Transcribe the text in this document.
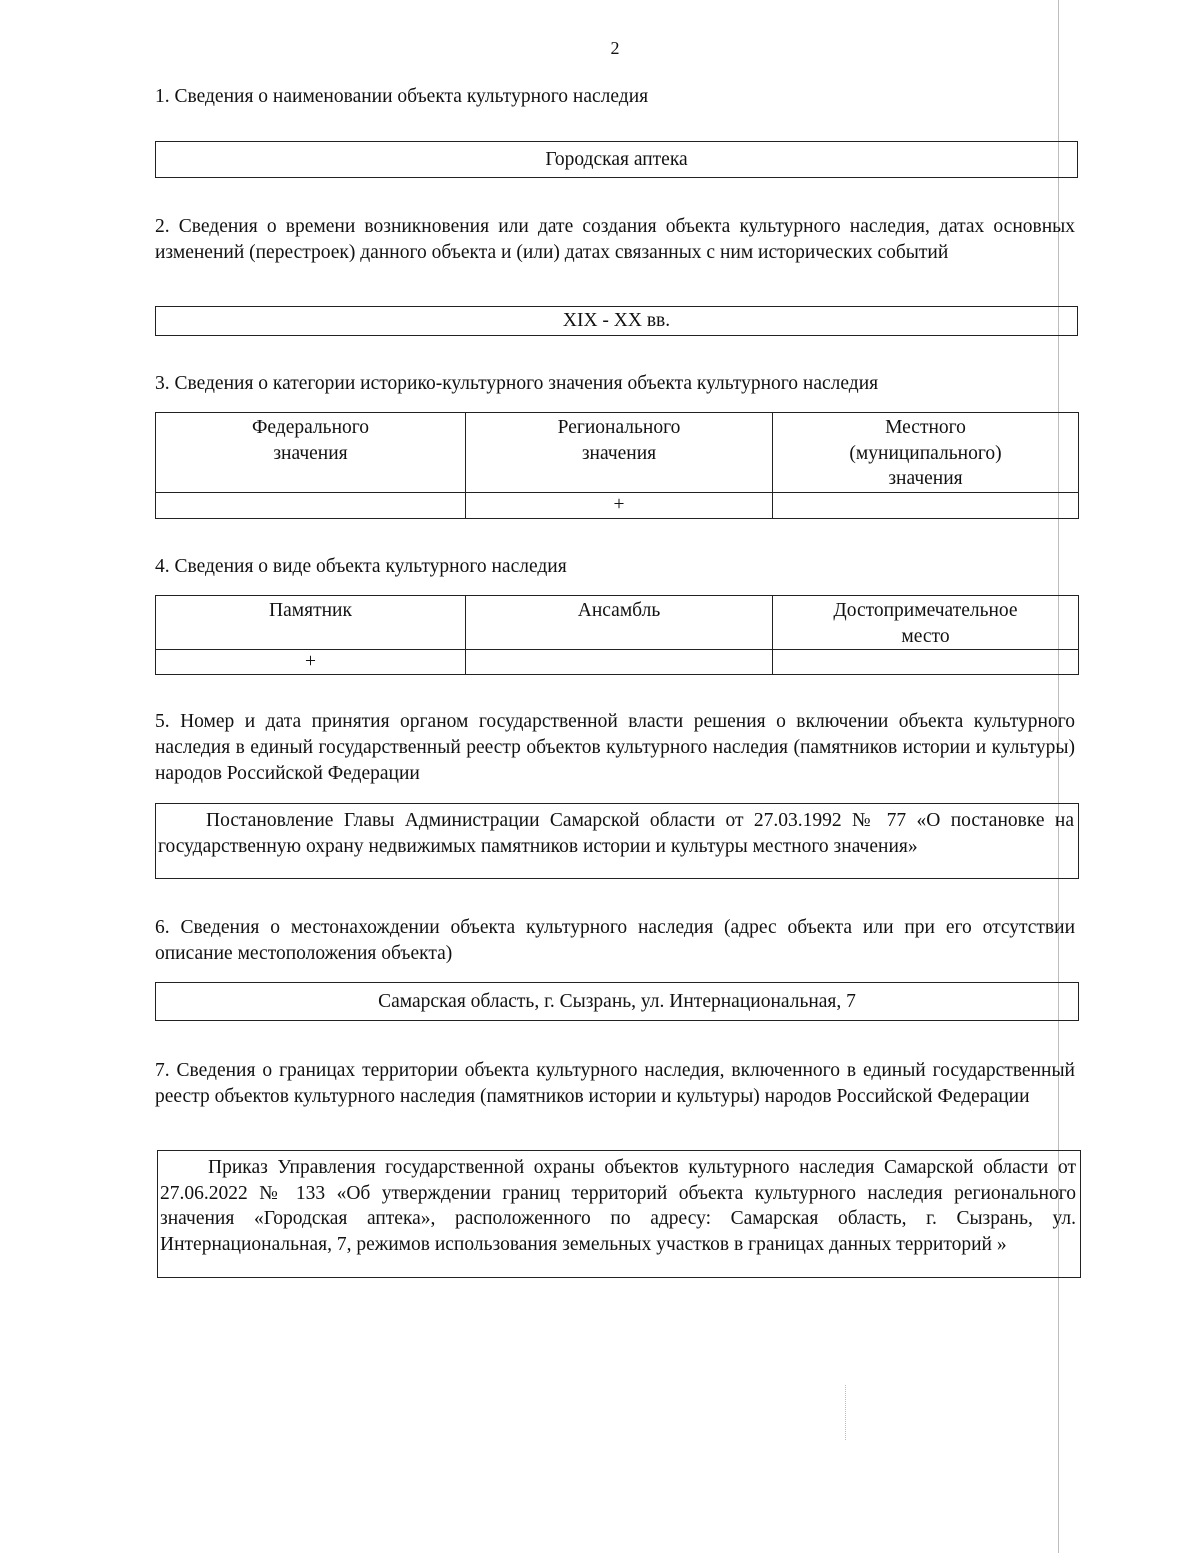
2
1. Сведения о наименовании объекта культурного наследия
Городская аптека
2. Сведения о времени возникновения или дате создания объекта культурного наследия, датах основных изменений (перестроек) данного объекта и (или) датах связанных с ним исторических событий
XIX - XX вв.
3. Сведения о категории историко-культурного значения объекта культурного наследия
Федерального значения	Регионального значения	Местного (муниципального) значения

	+	
4. Сведения о виде объекта культурного наследия
Памятник	Ансамбль	Достопримечательное место

+		
5. Номер и дата принятия органом государственной власти решения о включении объекта культурного наследия в единый государственный реестр объектов культурного наследия (памятников истории и культуры) народов Российской Федерации
Постановление Главы Администрации Самарской области от 27.03.1992 № 77 «О постановке на государственную охрану недвижимых памятников истории и культуры местного значения»
6. Сведения о местонахождении объекта культурного наследия (адрес объекта или при его отсутствии описание местоположения объекта)
Самарская область, г. Сызрань, ул. Интернациональная, 7
7. Сведения о границах территории объекта культурного наследия, включенного в единый государственный реестр объектов культурного наследия (памятников истории и культуры) народов Российской Федерации
Приказ Управления государственной охраны объектов культурного наследия Самарской области от 27.06.2022 № 133 «Об утверждении границ территорий объекта культурного наследия регионального значения «Городская аптека», расположенного по адресу: Самарская область, г. Сызрань, ул. Интернациональная, 7, режимов использования земельных участков в границах данных территорий »
